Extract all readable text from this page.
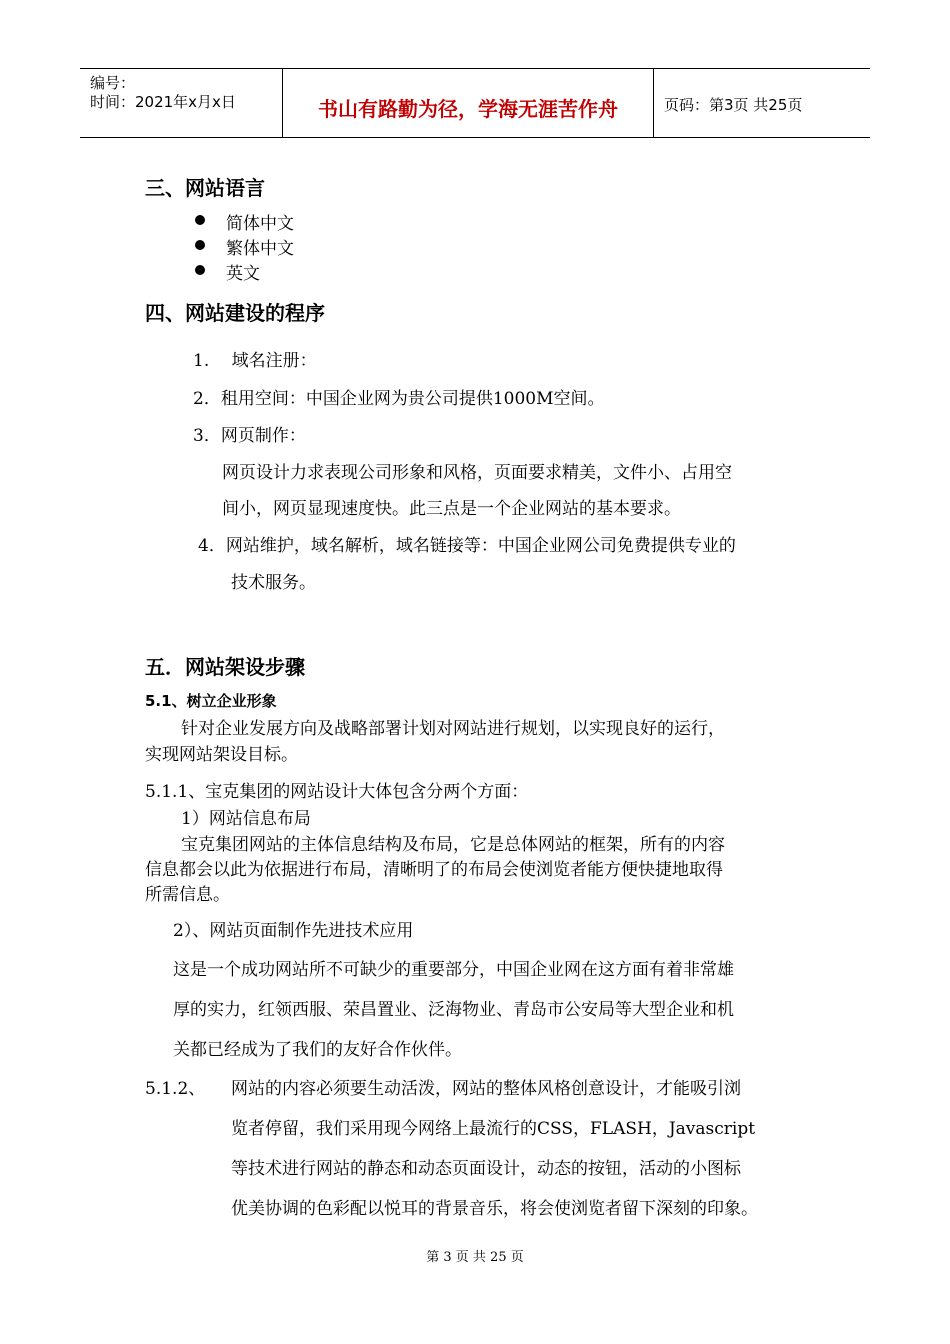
编号：
时间：2021年x月x日	书山有路勤为径，学海无涯苦作舟	页码：第3页 共25页
三、网站语言
简体中文
繁体中文
英文
四、网站建设的程序
1.　 域名注册：
2．租用空间：中国企业网为贵公司提供1000M空间。
3．网页制作：
网页设计力求表现公司形象和风格，页面要求精美，文件小、占用空
间小，网页显现速度快。此三点是一个企业网站的基本要求。
4．网站维护，域名解析，域名链接等：中国企业网公司免费提供专业的
技术服务。
五．网站架设步骤
5.1、树立企业形象
针对企业发展方向及战略部署计划对网站进行规划，以实现良好的运行，
实现网站架设目标。
5.1.1、宝克集团的网站设计大体包含分两个方面：
1）网站信息布局
宝克集团网站的主体信息结构及布局，它是总体网站的框架，所有的内容
信息都会以此为依据进行布局，清晰明了的布局会使浏览者能方便快捷地取得
所需信息。
2）、网站页面制作先进技术应用
这是一个成功网站所不可缺少的重要部分，中国企业网在这方面有着非常雄
厚的实力，红领西服、荣昌置业、泛海物业、青岛市公安局等大型企业和机
关都已经成为了我们的友好合作伙伴。
5.1.2、 网站的内容必须要生动活泼，网站的整体风格创意设计，才能吸引浏
览者停留，我们采用现今网络上最流行的CSS，FLASH，Javascript
等技术进行网站的静态和动态页面设计，动态的按钮，活动的小图标
优美协调的色彩配以悦耳的背景音乐，将会使浏览者留下深刻的印象。
第 3 页 共 25 页
